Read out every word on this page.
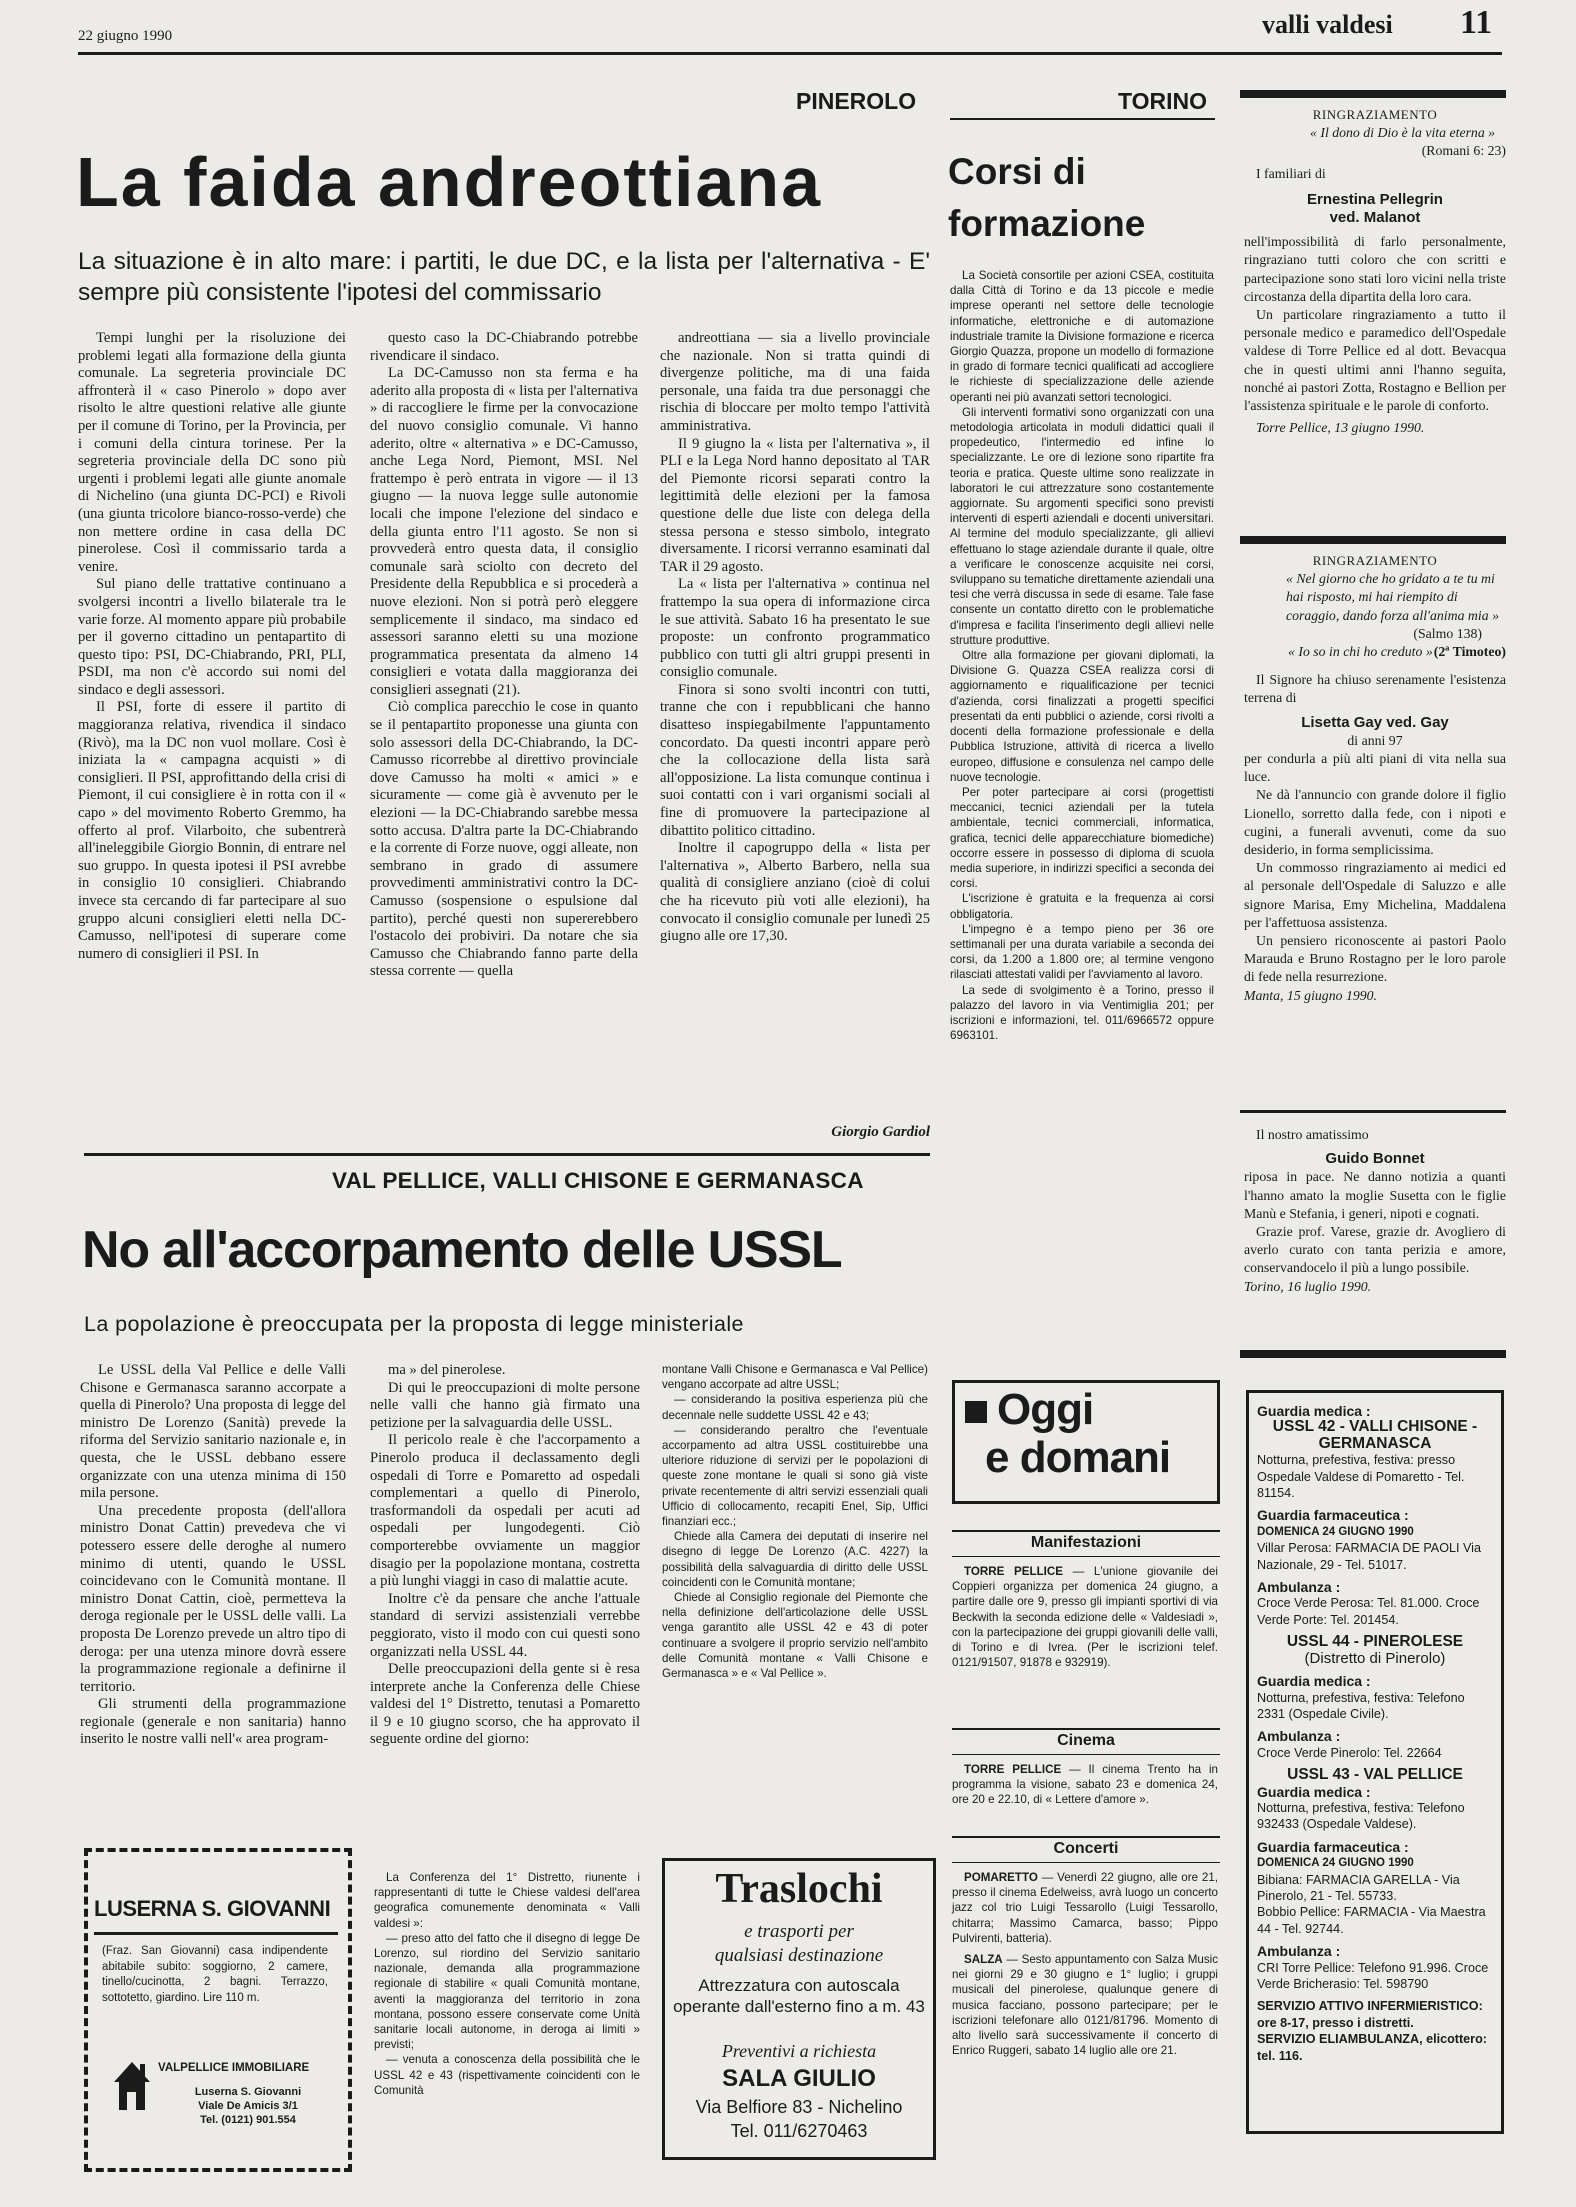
22 giugno 1990	valli valdesi 11
PINEROLO
La faida andreottiana
La situazione è in alto mare: i partiti, le due DC, e la lista per l'alternativa - E' sempre più consistente l'ipotesi del commissario

Tempi lunghi per la risoluzione dei problemi legati alla formazione della giunta comunale. La segreteria provinciale DC affronterà il « caso Pinerolo » dopo aver risolto le altre questioni relative alle giunte per il comune di Torino, per la Provincia, per i comuni della cintura torinese. Per la segreteria provinciale della DC sono più urgenti i problemi legati alle giunte anomale di Nichelino (una giunta DC-PCI) e Rivoli (una giunta tricolore bianco-rosso-verde) che non mettere ordine in casa della DC pinerolese. Così il commissario tarda a venire.

Sul piano delle trattative continuano a svolgersi incontri a livello bilaterale tra le varie forze. Al momento appare più probabile per il governo cittadino un pentapartito di questo tipo: PSI, DC-Chiabrando, PRI, PLI, PSDI, ma non c'è accordo sui nomi del sindaco e degli assessori.

Il PSI, forte di essere il partito di maggioranza relativa, rivendica il sindaco (Rivò), ma la DC non vuol mollare. Così è iniziata la « campagna acquisti » di consiglieri. Il PSI, approfittando della crisi di Piemont, il cui consigliere è in rotta con il « capo » del movimento Roberto Gremmo, ha offerto al prof. Vilarboito, che subentrerà all'ineleggibile Giorgio Bonnin, di entrare nel suo gruppo. In questa ipotesi il PSI avrebbe in consiglio 10 consiglieri. Chiabrando invece sta cercando di far partecipare al suo gruppo alcuni consiglieri eletti nella DC-Camusso, nell'ipotesi di superare come numero di consiglieri il PSI. In

questo caso la DC-Chiabrando potrebbe rivendicare il sindaco.

La DC-Camusso non sta ferma e ha aderito alla proposta di « lista per l'alternativa » di raccogliere le firme per la convocazione del nuovo consiglio comunale. Vi hanno aderito, oltre « alternativa » e DC-Camusso, anche Lega Nord, Piemont, MSI. Nel frattempo è però entrata in vigore — il 13 giugno — la nuova legge sulle autonomie locali che impone l'elezione del sindaco e della giunta entro l'11 agosto. Se non si provvederà entro questa data, il consiglio comunale sarà sciolto con decreto del Presidente della Repubblica e si procederà a nuove elezioni. Non si potrà però eleggere semplicemente il sindaco, ma sindaco ed assessori saranno eletti su una mozione programmatica presentata da almeno 14 consiglieri e votata dalla maggioranza dei consiglieri assegnati (21).

Ciò complica parecchio le cose in quanto se il pentapartito proponesse una giunta con solo assessori della DC-Chiabrando, la DC-Camusso ricorrebbe al direttivo provinciale dove Camusso ha molti « amici » e sicuramente — come già è avvenuto per le elezioni — la DC-Chiabrando sarebbe messa sotto accusa. D'altra parte la DC-Chiabrando e la corrente di Forze nuove, oggi alleate, non sembrano in grado di assumere provvedimenti amministrativi contro la DC-Camusso (sospensione o espulsione dal partito), perché questi non supererebbero l'ostacolo dei probiviri. Da notare che sia Camusso che Chiabrando fanno parte della stessa corrente — quella

andreottiana — sia a livello provinciale che nazionale. Non si tratta quindi di divergenze politiche, ma di una faida personale, una faida tra due personaggi che rischia di bloccare per molto tempo l'attività amministrativa.

Il 9 giugno la « lista per l'alternativa », il PLI e la Lega Nord hanno depositato al TAR del Piemonte ricorsi separati contro la legittimità delle elezioni per la famosa questione delle due liste con delega della stessa persona e stesso simbolo, integrato diversamente. I ricorsi verranno esaminati dal TAR il 29 agosto.

La « lista per l'alternativa » continua nel frattempo la sua opera di informazione circa le sue attività. Sabato 16 ha presentato le sue proposte: un confronto programmatico pubblico con tutti gli altri gruppi presenti in consiglio comunale.

Finora si sono svolti incontri con tutti, tranne che con i repubblicani che hanno disatteso inspiegabilmente l'appuntamento concordato. Da questi incontri appare però che la collocazione della lista sarà all'opposizione. La lista comunque continua i suoi contatti con i vari organismi sociali al fine di promuovere la partecipazione al dibattito politico cittadino.

Inoltre il capogruppo della « lista per l'alternativa », Alberto Barbero, nella sua qualità di consigliere anziano (cioè di colui che ha ricevuto più voti alle elezioni), ha convocato il consiglio comunale per lunedì 25 giugno alle ore 17,30.

Giorgio Gardiol
TORINO
Corsi di formazione

La Società consortile per azioni CSEA, costituita dalla Città di Torino e da 13 piccole e medie imprese operanti nel settore delle tecnologie informatiche, elettroniche e di automazione industriale tramite la Divisione formazione e ricerca Giorgio Quazza, propone un modello di formazione in grado di formare tecnici qualificati ad accogliere le richieste di specializzazione delle aziende operanti nei più avanzati settori tecnologici.

Gli interventi formativi sono organizzati con una metodologia articolata in moduli didattici quali il propedeutico, l'intermedio ed infine lo specializzante. Le ore di lezione sono ripartite fra teoria e pratica. Queste ultime sono realizzate in laboratori le cui attrezzature sono costantemente aggiornate. Su argomenti specifici sono previsti interventi di esperti aziendali e docenti universitari. Al termine del modulo specializzante, gli allievi effettuano lo stage aziendale durante il quale, oltre a verificare le conoscenze acquisite nei corsi, sviluppano su tematiche direttamente aziendali una tesi che verrà discussa in sede di esame. Tale fase consente un contatto diretto con le problematiche d'impresa e facilita l'inserimento degli allievi nelle strutture produttive.

Oltre alla formazione per giovani diplomati, la Divisione G. Quazza CSEA realizza corsi di aggiornamento e riqualificazione per tecnici d'azienda, corsi finalizzati a progetti specifici presentati da enti pubblici o aziende, corsi rivolti a docenti della formazione professionale e della Pubblica Istruzione, attività di ricerca a livello europeo, diffusione e consulenza nel campo delle nuove tecnologie.

Per poter partecipare ai corsi (progettisti meccanici, tecnici aziendali per la tutela ambientale, tecnici commerciali, informatica, grafica, tecnici delle apparecchiature biomediche) occorre essere in possesso di diploma di scuola media superiore, in indirizzi specifici a seconda dei corsi.

L'iscrizione è gratuita e la frequenza ai corsi obbligatoria.

L'impegno è a tempo pieno per 36 ore settimanali per una durata variabile a seconda dei corsi, da 1.200 a 1.800 ore; al termine vengono rilasciati attestati validi per l'avviamento al lavoro.

La sede di svolgimento è a Torino, presso il palazzo del lavoro in via Ventimiglia 201; per iscrizioni e informazioni, tel. 011/6966572 oppure 6963101.

RINGRAZIAMENTO

« Il dono di Dio è la vita eterna »

(Romani 6: 23)

I familiari di

Ernestina Pellegrin

ved. Malanot

nell'impossibilità di farlo personalmente, ringraziano tutti coloro che con scritti e partecipazione sono stati loro vicini nella triste circostanza della dipartita della loro cara.

Un particolare ringraziamento a tutto il personale medico e paramedico dell'Ospedale valdese di Torre Pellice ed al dott. Bevacqua che in questi ultimi anni l'hanno seguita, nonché ai pastori Zotta, Rostagno e Bellion per l'assistenza spirituale e le parole di conforto.

Torre Pellice, 13 giugno 1990.

RINGRAZIAMENTO

« Nel giorno che ho gridato a te tu mi hai risposto, mi hai riempito di coraggio, dando forza all'anima mia »

(Salmo 138)

« Io so in chi ho creduto » (2ª Timoteo)

Il Signore ha chiuso serenamente l'esistenza terrena di

Lisetta Gay ved. Gay

di anni 97

per condurla a più alti piani di vita nella sua luce.

Ne dà l'annuncio con grande dolore il figlio Lionello, sorretto dalla fede, con i nipoti e cugini, a funerali avvenuti, come da suo desiderio, in forma semplicissima.

Un commosso ringraziamento ai medici ed al personale dell'Ospedale di Saluzzo e alle signore Marisa, Emy Michelina, Maddalena per l'affettuosa assistenza.

Un pensiero riconoscente ai pastori Paolo Marauda e Bruno Rostagno per le loro parole di fede nella resurrezione.

Manta, 15 giugno 1990.

Il nostro amatissimo

Guido Bonnet

riposa in pace. Ne danno notizia a quanti l'hanno amato la moglie Susetta con le figlie Manù e Stefania, i generi, nipoti e cognati.

Grazie prof. Varese, grazie dr. Avogliero di averlo curato con tanta perizia e amore, conservandocelo il più a lungo possibile.

Torino, 16 luglio 1990.

VAL PELLICE, VALLI CHISONE E GERMANASCA
No all'accorpamento delle USSL
La popolazione è preoccupata per la proposta di legge ministeriale

Le USSL della Val Pellice e delle Valli Chisone e Germanasca saranno accorpate a quella di Pinerolo? Una proposta di legge del ministro De Lorenzo (Sanità) prevede la riforma del Servizio sanitario nazionale e, in questa, che le USSL debbano essere organizzate con una utenza minima di 150 mila persone.

Una precedente proposta (dell'allora ministro Donat Cattin) prevedeva che vi potessero essere delle deroghe al numero minimo di utenti, quando le USSL coincidevano con le Comunità montane. Il ministro Donat Cattin, cioè, permetteva la deroga regionale per le USSL delle valli. La proposta De Lorenzo prevede un altro tipo di deroga: per una utenza minore dovrà essere la programmazione regionale a definirne il territorio.

Gli strumenti della programmazione regionale (generale e non sanitaria) hanno inserito le nostre valli nell'« area program-

ma » del pinerolese.

Di qui le preoccupazioni di molte persone nelle valli che hanno già firmato una petizione per la salvaguardia delle USSL.

Il pericolo reale è che l'accorpamento a Pinerolo produca il declassamento degli ospedali di Torre e Pomaretto ad ospedali complementari a quello di Pinerolo, trasformandoli da ospedali per acuti ad ospedali per lungodegenti. Ciò comporterebbe ovviamente un maggior disagio per la popolazione montana, costretta a più lunghi viaggi in caso di malattie acute.

Inoltre c'è da pensare che anche l'attuale standard di servizi assistenziali verrebbe peggiorato, visto il modo con cui questi sono organizzati nella USSL 44.

Delle preoccupazioni della gente si è resa interprete anche la Conferenza delle Chiese valdesi del 1° Distretto, tenutasi a Pomaretto il 9 e 10 giugno scorso, che ha approvato il seguente ordine del giorno:

La Conferenza del 1° Distretto, riunente i rappresentanti di tutte le Chiese valdesi dell'area geografica comunemente denominata « Valli valdesi »:

— preso atto del fatto che il disegno di legge De Lorenzo, sul riordino del Servizio sanitario nazionale, demanda alla programmazione regionale di stabilire « quali Comunità montane, aventi la maggioranza del territorio in zona montana, possono essere conservate come Unità sanitarie locali autonome, in deroga ai limiti » previsti;

— venuta a conoscenza della possibilità che le USSL 42 e 43 (rispettivamente coincidenti con le Comunità

montane Valli Chisone e Germanasca e Val Pellice) vengano accorpate ad altre USSL;

— considerando la positiva esperienza più che decennale nelle suddette USSL 42 e 43;

— considerando peraltro che l'eventuale accorpamento ad altra USSL costituirebbe una ulteriore riduzione di servizi per le popolazioni di queste zone montane le quali si sono già viste private recentemente di altri servizi essenziali quali Ufficio di collocamento, recapiti Enel, Sip, Uffici finanziari ecc.;

Chiede alla Camera dei deputati di inserire nel disegno di legge De Lorenzo (A.C. 4227) la possibilità della salvaguardia di diritto delle USSL coincidenti con le Comunità montane;

Chiede al Consiglio regionale del Piemonte che nella definizione dell'articolazione delle USSL venga garantito alle USSL 42 e 43 di poter continuare a svolgere il proprio servizio nell'ambito delle Comunità montane « Valli Chisone e Germanasca » e « Val Pellice ».

LUSERNA S. GIOVANNI
(Fraz. San Giovanni) casa indipendente abitabile subito: soggiorno, 2 camere, tinello/cucinotta, 2 bagni. Terrazzo, sottotetto, giardino. Lire 110 m.
VALPELLICE IMMOBILIARE
Luserna S. Giovanni
Viale De Amicis 3/1
Tel. (0121) 901.554
Traslochi
e trasporti per
qualsiasi destinazione
Attrezzatura con autoscala operante dall'esterno fino a m. 43
Preventivi a richiesta
SALA GIULIO
Via Belfiore 83 - Nichelino
Tel. 011/6270463
Oggi
e domani
Manifestazioni

TORRE PELLICE — L'unione giovanile dei Coppieri organizza per domenica 24 giugno, a partire dalle ore 9, presso gli impianti sportivi di via Beckwith la seconda edizione delle « Valdesiadi », con la partecipazione dei gruppi giovanili delle valli, di Torino e di Ivrea. (Per le iscrizioni telef. 0121/91507, 91878 e 932919).

Cinema

TORRE PELLICE — Il cinema Trento ha in programma la visione, sabato 23 e domenica 24, ore 20 e 22.10, di « Lettere d'amore ».

Concerti

POMARETTO — Venerdì 22 giugno, alle ore 21, presso il cinema Edelweiss, avrà luogo un concerto jazz col trio Luigi Tessarollo (Luigi Tessarollo, chitarra; Massimo Camarca, basso; Pippo Pulvirenti, batteria).

SALZA — Sesto appuntamento con Salza Music nei giorni 29 e 30 giugno e 1° luglio; i gruppi musicali del pinerolese, qualunque genere di musica facciano, possono partecipare; per le iscrizioni telefonare allo 0121/81796. Momento di alto livello sarà successivamente il concerto di Enrico Ruggeri, sabato 14 luglio alle ore 21.

Guardia medica :
USSL 42 - VALLI CHISONE - GERMANASCA
Notturna, prefestiva, festiva: presso Ospedale Valdese di Pomaretto - Tel. 81154.
Guardia farmaceutica :
DOMENICA 24 GIUGNO 1990
Villar Perosa: FARMACIA DE PAOLI Via Nazionale, 29 - Tel. 51017.
Ambulanza :
Croce Verde Perosa: Tel. 81.000. Croce Verde Porte: Tel. 201454.
USSL 44 - PINEROLESE
(Distretto di Pinerolo)
Guardia medica :
Notturna, prefestiva, festiva: Telefono 2331 (Ospedale Civile).
Ambulanza :
Croce Verde Pinerolo: Tel. 22664
USSL 43 - VAL PELLICE
Guardia medica :
Notturna, prefestiva, festiva: Telefono 932433 (Ospedale Valdese).
Guardia farmaceutica :
DOMENICA 24 GIUGNO 1990
Bibiana: FARMACIA GARELLA - Via Pinerolo, 21 - Tel. 55733.
Bobbio Pellice: FARMACIA - Via Maestra 44 - Tel. 92744.
Ambulanza :
CRI Torre Pellice: Telefono 91.996. Croce Verde Bricherasio: Tel. 598790
SERVIZIO ATTIVO INFERMIERISTICO: ore 8-17, presso i distretti.
SERVIZIO ELIAMBULANZA, elicottero: tel. 116.
